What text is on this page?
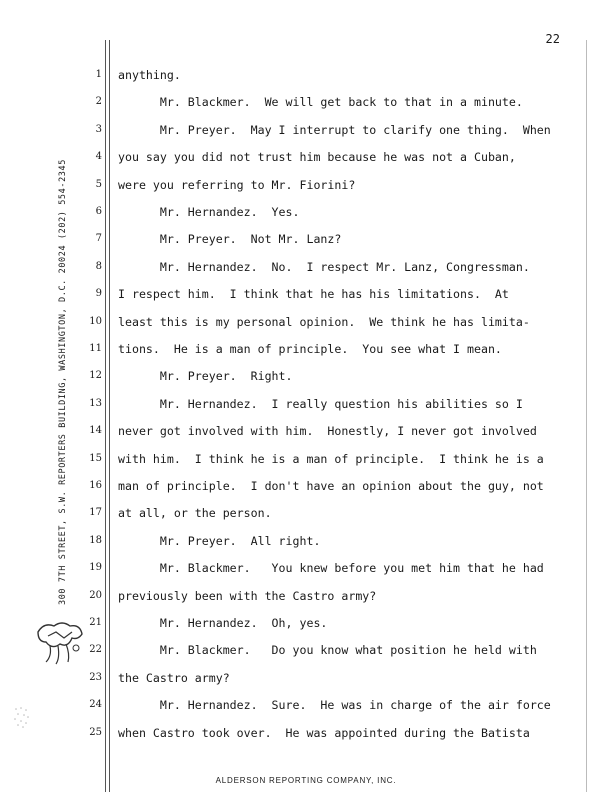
22
300 7TH STREET, S.W. REPORTERS BUILDING, WASHINGTON, D.C. 20024 (202) 554-2345
1
2
3
4
5
6
7
8
9
10
11
12
13
14
15
16
17
18
19
20
21
22
23
24
25
anything.
Mr. Blackmer.  We will get back to that in a minute.
Mr. Preyer.  May I interrupt to clarify one thing.  When
you say you did not trust him because he was not a Cuban,
were you referring to Mr. Fiorini?
Mr. Hernandez.  Yes.
Mr. Preyer.  Not Mr. Lanz?
Mr. Hernandez.  No.  I respect Mr. Lanz, Congressman.
I respect him.  I think that he has his limitations.  At
least this is my personal opinion.  We think he has limita-
tions.  He is a man of principle.  You see what I mean.
Mr. Preyer.  Right.
Mr. Hernandez.  I really question his abilities so I
never got involved with him.  Honestly, I never got involved
with him.  I think he is a man of principle.  I think he is a
man of principle.  I don't have an opinion about the guy, not
at all, or the person.
Mr. Preyer.  All right.
Mr. Blackmer.   You knew before you met him that he had
previously been with the Castro army?
Mr. Hernandez.  Oh, yes.
Mr. Blackmer.   Do you know what position he held with
the Castro army?
Mr. Hernandez.  Sure.  He was in charge of the air force
when Castro took over.  He was appointed during the Batista
ALDERSON REPORTING COMPANY, INC.
